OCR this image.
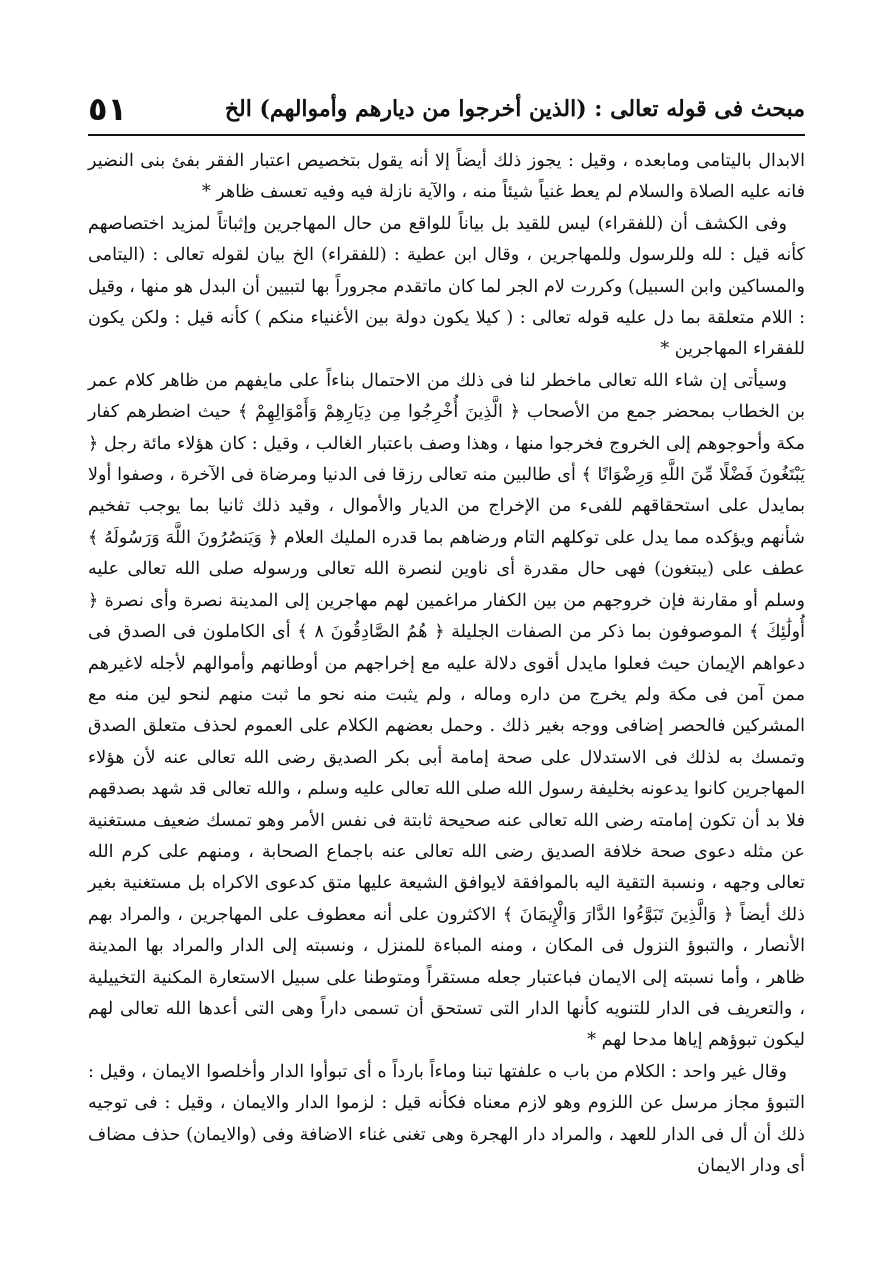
مبحث فى قوله تعالى : (الذين أخرجوا من ديارهم وأموالهم) الخ
٥١

الابدال باليتامى ومابعده ، وقيل : يجوز ذلك أيضاً إلا أنه يقول بتخصيص اعتبار الفقر بفئ بنى النضير فانه عليه الصلاة والسلام لم يعط غنياً شيئاً منه ، والآية نازلة فيه وفيه تعسف ظاهر *

وفى الكشف أن (للفقراء) ليس للقيد بل بياناً للواقع من حال المهاجرين وإثباتاً لمزيد اختصاصهم كأنه قيل : لله وللرسول وللمهاجرين ، وقال ابن عطية : (للفقراء) الخ بيان لقوله تعالى : (اليتامى والمساكين وابن السبيل) وكررت لام الجر لما كان ماتقدم مجروراً بها لتبيين أن البدل هو منها ، وقيل : اللام متعلقة بما دل عليه قوله تعالى : ( كيلا يكون دولة بين الأغنياء منكم ) كأنه قيل : ولكن يكون للفقراء المهاجرين *

وسيأتى إن شاء الله تعالى ماخطر لنا فى ذلك من الاحتمال بناءاً على مايفهم من ظاهر كلام عمر بن الخطاب بمحضر جمع من الأصحاب ﴿ الَّذِينَ أُخْرِجُوا مِن دِيَارِهِمْ وَأَمْوَالِهِمْ ﴾ حيث اضطرهم كفار مكة وأحوجوهم إلى الخروج فخرجوا منها ، وهذا وصف باعتبار الغالب ، وقيل : كان هؤلاء مائة رجل ﴿ يَبْتَغُونَ فَضْلًا مِّنَ اللَّهِ وَرِضْوَانًا ﴾ أى طالبين منه تعالى رزقا فى الدنيا ومرضاة فى الآخرة ، وصفوا أولا بمايدل على استحقاقهم للفىء من الإخراج من الديار والأموال ، وقيد ذلك ثانيا بما يوجب تفخيم شأنهم ويؤكده مما يدل على توكلهم التام ورضاهم بما قدره المليك العلام ﴿ وَيَنصُرُونَ اللَّهَ وَرَسُولَهُ ﴾ عطف على (يبتغون) فهى حال مقدرة أى ناوين لنصرة الله تعالى ورسوله صلى الله تعالى عليه وسلم أو مقارنة فإن خروجهم من بين الكفار مراغمين لهم مهاجرين إلى المدينة نصرة وأى نصرة ﴿ أُولَٰئِكَ ﴾ الموصوفون بما ذكر من الصفات الجليلة ﴿ هُمُ الصَّادِقُونَ ٨ ﴾ أى الكاملون فى الصدق فى دعواهم الإيمان حيث فعلوا مايدل أقوى دلالة عليه مع إخراجهم من أوطانهم وأموالهم لأجله لاغيرهم ممن آمن فى مكة ولم يخرج من داره وماله ، ولم يثبت منه نحو ما ثبت منهم لنحو لين منه مع المشركين فالحصر إضافى ووجه بغير ذلك . وحمل بعضهم الكلام على العموم لحذف متعلق الصدق وتمسك به لذلك فى الاستدلال على صحة إمامة أبى بكر الصديق رضى الله تعالى عنه لأن هؤلاء المهاجرين كانوا يدعونه بخليفة رسول الله صلى الله تعالى عليه وسلم ، والله تعالى قد شهد بصدقهم فلا بد أن تكون إمامته رضى الله تعالى عنه صحيحة ثابتة فى نفس الأمر وهو تمسك ضعيف مستغنية عن مثله دعوى صحة خلافة الصديق رضى الله تعالى عنه باجماع الصحابة ، ومنهم على كرم الله تعالى وجهه ، ونسبة التقية اليه بالموافقة لايوافق الشيعة عليها متق كدعوى الاكراه بل مستغنية بغير ذلك أيضاً ﴿ وَالَّذِينَ تَبَوَّءُوا الدَّارَ وَالْإِيمَانَ ﴾ الاكثرون على أنه معطوف على المهاجرين ، والمراد بهم الأنصار ، والتبوؤ النزول فى المكان ، ومنه المباءة للمنزل ، ونسبته إلى الدار والمراد بها المدينة ظاهر ، وأما نسبته إلى الايمان فباعتبار جعله مستقراً ومتوطنا على سبيل الاستعارة المكنية التخييلية ، والتعريف فى الدار للتنويه كأنها الدار التى تستحق أن تسمى داراً وهى التى أعدها الله تعالى لهم ليكون تبوؤهم إياها مدحا لهم *

وقال غير واحد : الكلام من باب ه علفتها تبنا وماءاً بارداً ه أى تبوأوا الدار وأخلصوا الايمان ، وقيل : التبوؤ مجاز مرسل عن اللزوم وهو لازم معناه فكأنه قيل : لزموا الدار والايمان ، وقيل : فى توجيه ذلك أن أل فى الدار للعهد ، والمراد دار الهجرة وهى تغنى غناء الاضافة وفى (والايمان) حذف مضاف أى ودار الايمان
